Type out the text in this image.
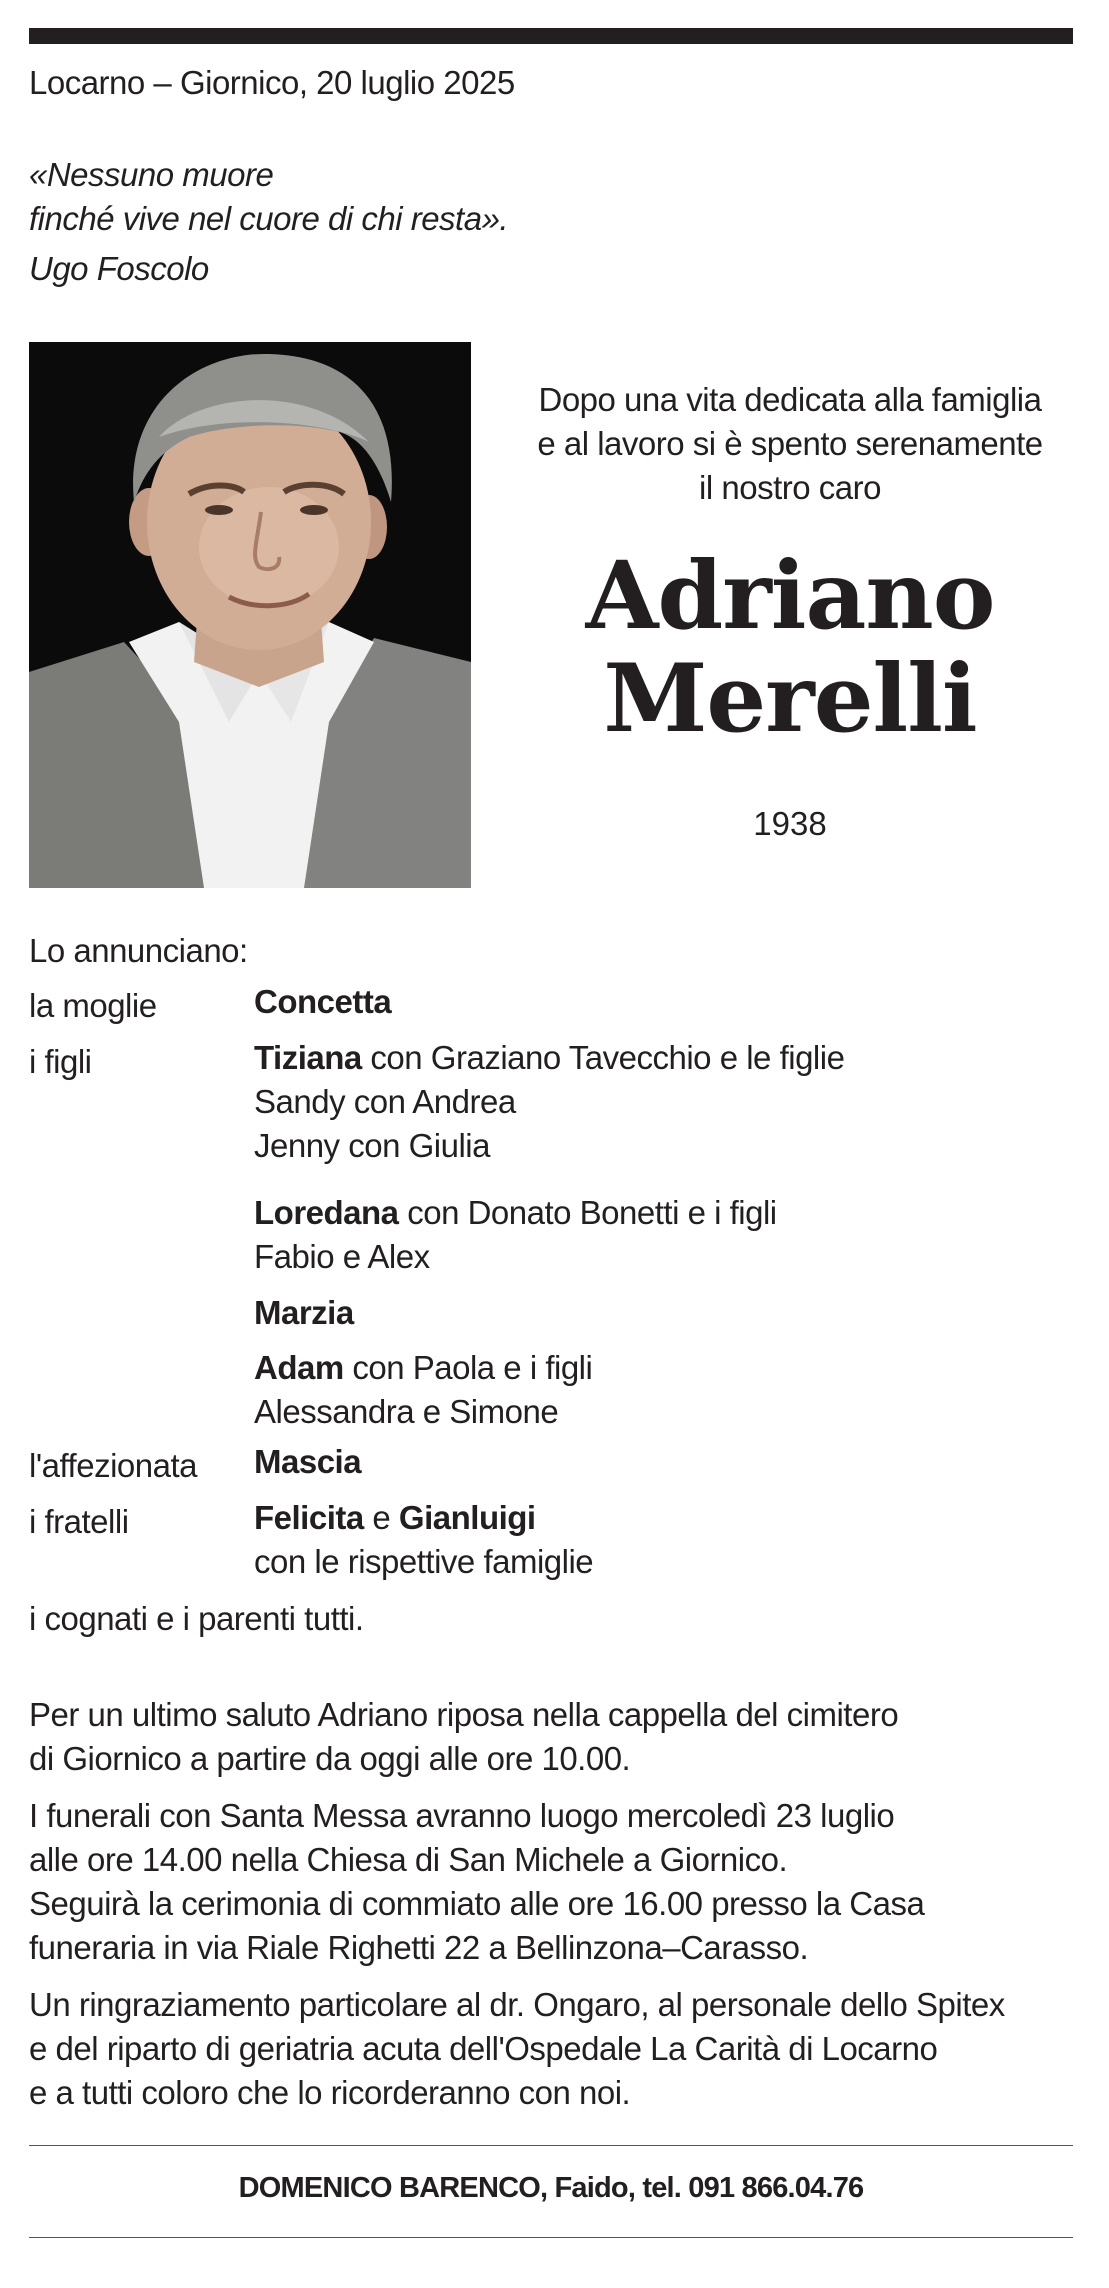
Locarno – Giornico, 20 luglio 2025
«Nessuno muore
finché vive nel cuore di chi resta».
Ugo Foscolo
Dopo una vita dedicata alla famiglia
e al lavoro si è spento serenamente
il nostro caro
Adriano
Merelli
1938
Lo annunciano:
la moglie	Concetta
i figli	Tiziana con Graziano Tavecchio e le figlie
Sandy con Andrea
Jenny con Giulia
Loredana con Donato Bonetti e i figli
Fabio e Alex
Marzia
Adam con Paola e i figli
Alessandra e Simone
l'affezionata Mascia
i fratelli	Felicita e Gianluigi
con le rispettive famiglie
i cognati e i parenti tutti.
Per un ultimo saluto Adriano riposa nella cappella del cimitero
di Giornico a partire da oggi alle ore 10.00.
I funerali con Santa Messa avranno luogo mercoledì 23 luglio
alle ore 14.00 nella Chiesa di San Michele a Giornico.
Seguirà la cerimonia di commiato alle ore 16.00 presso la Casa
funeraria in via Riale Righetti 22 a Bellinzona–Carasso.
Un ringraziamento particolare al dr. Ongaro, al personale dello Spitex
e del riparto di geriatria acuta dell'Ospedale La Carità di Locarno
e a tutti coloro che lo ricorderanno con noi.
DOMENICO BARENCO, Faido, tel. 091 866.04.76
